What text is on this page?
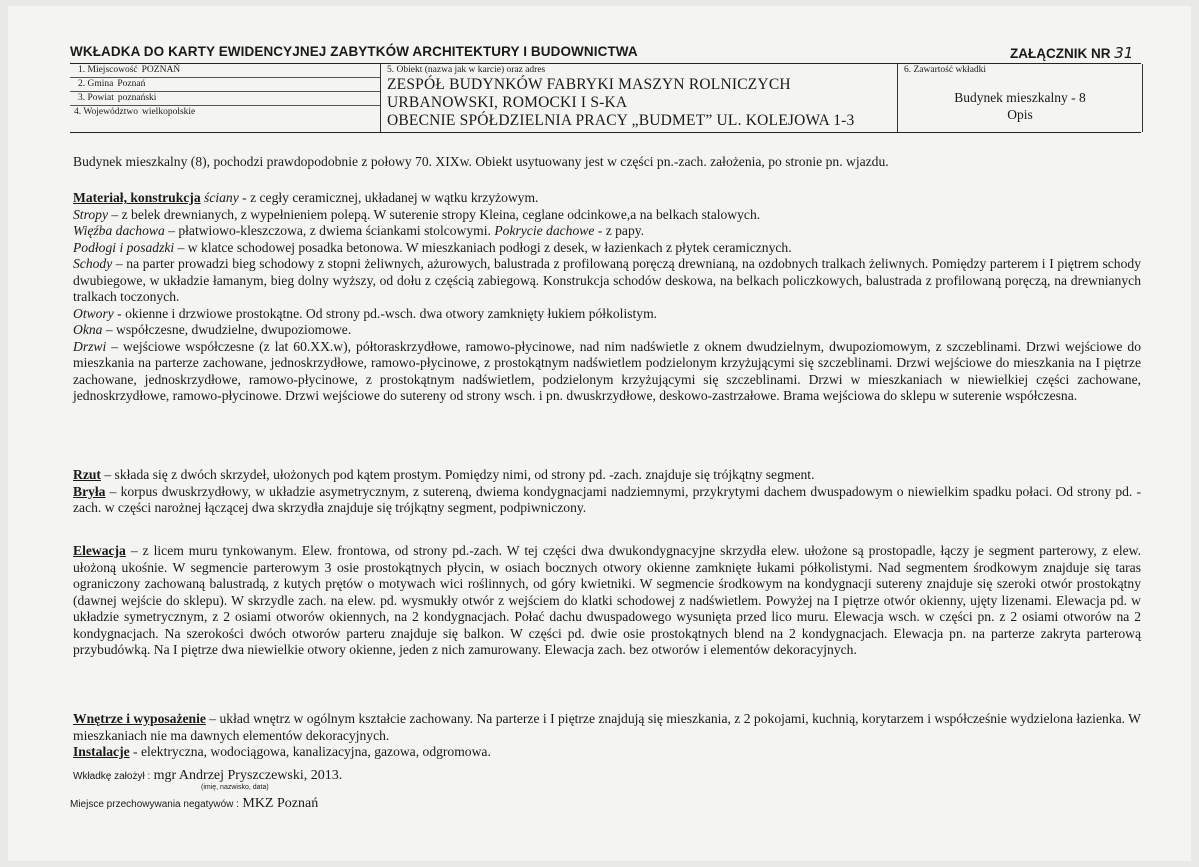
WKŁADKA DO KARTY EWIDENCYJNEJ ZABYTKÓW ARCHITEKTURY I BUDOWNICTWA	ZAŁĄCZNIK NR 31
1. Miejscowość POZNAŃ
2. Gmina Poznań
3. Powiat poznański
4. Województwo wielkopolskie
5. Obiekt (nazwa jak w karcie) oraz adres
ZESPÓŁ BUDYNKÓW FABRYKI MASZYN ROLNICZYCH
URBANOWSKI, ROMOCKI I S-KA
OBECNIE SPÓŁDZIELNIA PRACY „BUDMET” UL. KOLEJOWA 1-3
6. Zawartość wkładki
Budynek mieszkalny - 8
Opis

Budynek mieszkalny (8), pochodzi prawdopodobnie z połowy 70. XIXw. Obiekt usytuowany jest w części pn.-zach. założenia, po stronie pn. wjazdu.

Materiał, konstrukcja ściany - z cegły ceramicznej, układanej w wątku krzyżowym.

Stropy – z belek drewnianych, z wypełnieniem polepą. W suterenie stropy Kleina, ceglane odcinkowe,a na belkach stalowych.

Więźba dachowa – płatwiowo-kleszczowa, z dwiema ściankami stolcowymi. Pokrycie dachowe - z papy.

Podłogi i posadzki – w klatce schodowej posadka betonowa. W mieszkaniach podłogi z desek, w łazienkach z płytek ceramicznych.

Schody – na parter prowadzi bieg schodowy z stopni żeliwnych, ażurowych, balustrada z profilowaną poręczą drewnianą, na ozdobnych tralkach żeliwnych. Pomiędzy parterem i I piętrem schody dwubiegowe, w układzie łamanym, bieg dolny wyższy, od dołu z częścią zabiegową. Konstrukcja schodów deskowa, na belkach policzkowych, balustrada z profilowaną poręczą, na drewnianych tralkach toczonych.

Otwory - okienne i drzwiowe prostokątne. Od strony pd.-wsch. dwa otwory zamknięty łukiem półkolistym.

Okna – współczesne, dwudzielne, dwupoziomowe.

Drzwi – wejściowe współczesne (z lat 60.XX.w), półtoraskrzydłowe, ramowo-płycinowe, nad nim nadświetle z oknem dwudzielnym, dwupoziomowym, z szczeblinami. Drzwi wejściowe do mieszkania na parterze zachowane, jednoskrzydłowe, ramowo-płycinowe, z prostokątnym nadświetlem podzielonym krzyżującymi się szczeblinami. Drzwi wejściowe do mieszkania na I piętrze zachowane, jednoskrzydłowe, ramowo-płycinowe, z prostokątnym nadświetlem, podzielonym krzyżującymi się szczeblinami. Drzwi w mieszkaniach w niewielkiej części zachowane, jednoskrzydłowe, ramowo-płycinowe. Drzwi wejściowe do sutereny od strony wsch. i pn. dwuskrzydłowe, deskowo-zastrzałowe. Brama wejściowa do sklepu w suterenie współczesna.

Rzut – składa się z dwóch skrzydeł, ułożonych pod kątem prostym. Pomiędzy nimi, od strony pd. -zach. znajduje się trójkątny segment.

Bryła – korpus dwuskrzydłowy, w układzie asymetrycznym, z sutereną, dwiema kondygnacjami nadziemnymi, przykrytymi dachem dwuspadowym o niewielkim spadku połaci. Od strony pd. -zach. w części narożnej łączącej dwa skrzydła znajduje się trójkątny segment, podpiwniczony.

Elewacja – z licem muru tynkowanym. Elew. frontowa, od strony pd.-zach. W tej części dwa dwukondygnacyjne skrzydła elew. ułożone są prostopadle, łączy je segment parterowy, z elew. ułożoną ukośnie. W segmencie parterowym 3 osie prostokątnych płycin, w osiach bocznych otwory okienne zamknięte łukami półkolistymi. Nad segmentem środkowym znajduje się taras ograniczony zachowaną balustradą, z kutych prętów o motywach wici roślinnych, od góry kwietniki. W segmencie środkowym na kondygnacji sutereny znajduje się szeroki otwór prostokątny (dawnej wejście do sklepu). W skrzydle zach. na elew. pd. wysmukły otwór z wejściem do klatki schodowej z nadświetlem. Powyżej na I piętrze otwór okienny, ujęty lizenami. Elewacja pd. w układzie symetrycznym, z 2 osiami otworów okiennych, na 2 kondygnacjach. Połać dachu dwuspadowego wysunięta przed lico muru. Elewacja wsch. w części pn. z 2 osiami otworów na 2 kondygnacjach. Na szerokości dwóch otworów parteru znajduje się balkon. W części pd. dwie osie prostokątnych blend na 2 kondygnacjach. Elewacja pn. na parterze zakryta parterową przybudówką. Na I piętrze dwa niewielkie otwory okienne, jeden z nich zamurowany. Elewacja zach. bez otworów i elementów dekoracyjnych.

Wnętrze i wyposażenie – układ wnętrz w ogólnym kształcie zachowany. Na parterze i I piętrze znajdują się mieszkania, z 2 pokojami, kuchnią, korytarzem i współcześnie wydzielona łazienka. W mieszkaniach nie ma dawnych elementów dekoracyjnych.

Instalacje - elektryczna, wodociągowa, kanalizacyjna, gazowa, odgromowa.

Wkładkę założył : mgr Andrzej Pryszczewski, 2013.
(imię, nazwisko, data)
Miejsce przechowywania negatywów : MKZ Poznań
